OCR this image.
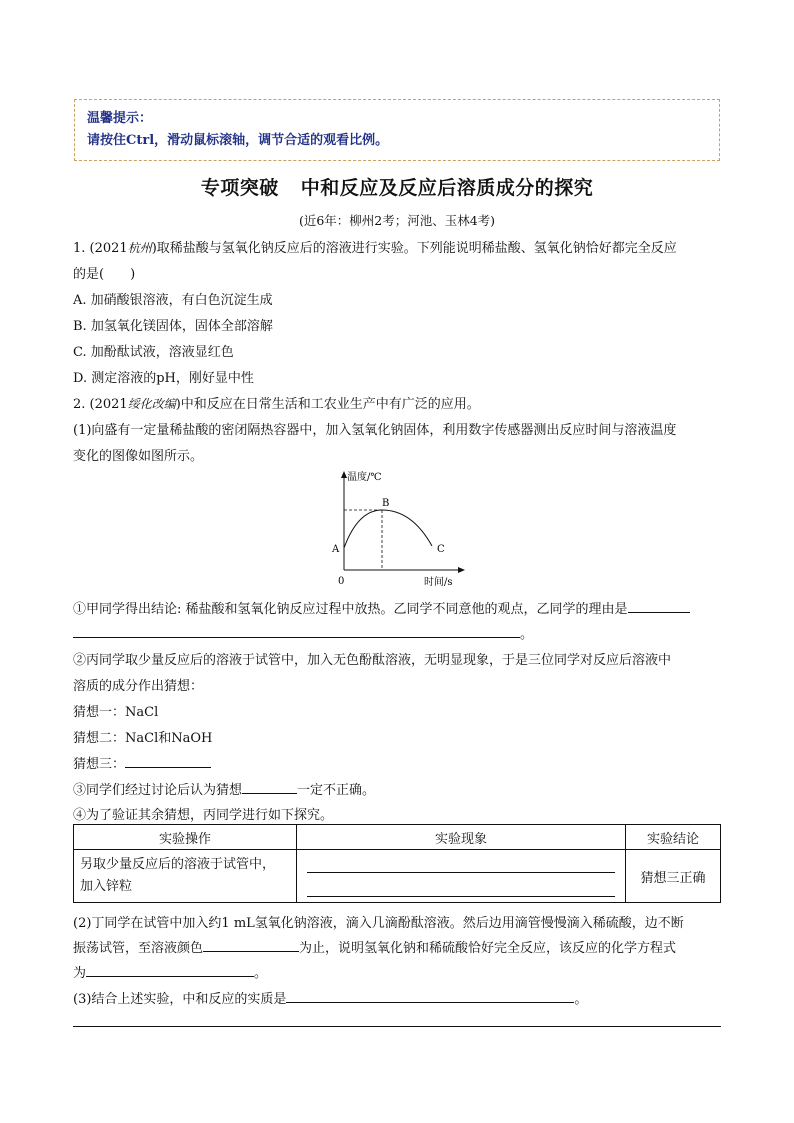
温馨提示：
请按住Ctrl，滑动鼠标滚轴，调节合适的观看比例。
专项突破 中和反应及反应后溶质成分的探究
(近6年：柳州2考；河池、玉林4考)
1. (2021杭州)取稀盐酸与氢氧化钠反应后的溶液进行实验。下列能说明稀盐酸、氢氧化钠恰好都完全反应
的是(　　)
A. 加硝酸银溶液，有白色沉淀生成
B. 加氢氧化镁固体，固体全部溶解
C. 加酚酞试液，溶液显红色
D. 测定溶液的pH，刚好显中性
2. (2021绥化改编)中和反应在日常生活和工农业生产中有广泛的应用。
(1)向盛有一定量稀盐酸的密闭隔热容器中，加入氢氧化钠固体，利用数字传感器测出反应时间与溶液温度
变化的图像如图所示。
温度/℃
时间/s
0
A
B
C
①甲同学得出结论: 稀盐酸和氢氧化钠反应过程中放热。乙同学不同意他的观点，乙同学的理由是
。
②丙同学取少量反应后的溶液于试管中，加入无色酚酞溶液，无明显现象，于是三位同学对反应后溶液中
溶质的成分作出猜想：
猜想一：NaCl
猜想二：NaCl和NaOH
猜想三：
③同学们经过讨论后认为猜想	一定不正确。
④为了验证其余猜想，丙同学进行如下探究。
实验操作	实验现象	实验结论

另取少量反应后的溶液于试管中，
加入锌粒		猜想三正确
(2)丁同学在试管中加入约1 mL氢氧化钠溶液，滴入几滴酚酞溶液。然后边用滴管慢慢滴入稀硫酸，边不断
振荡试管，至溶液颜色	为止，说明氢氧化钠和稀硫酸恰好完全反应，该反应的化学方程式
为	。
(3)结合上述实验，中和反应的实质是	。
